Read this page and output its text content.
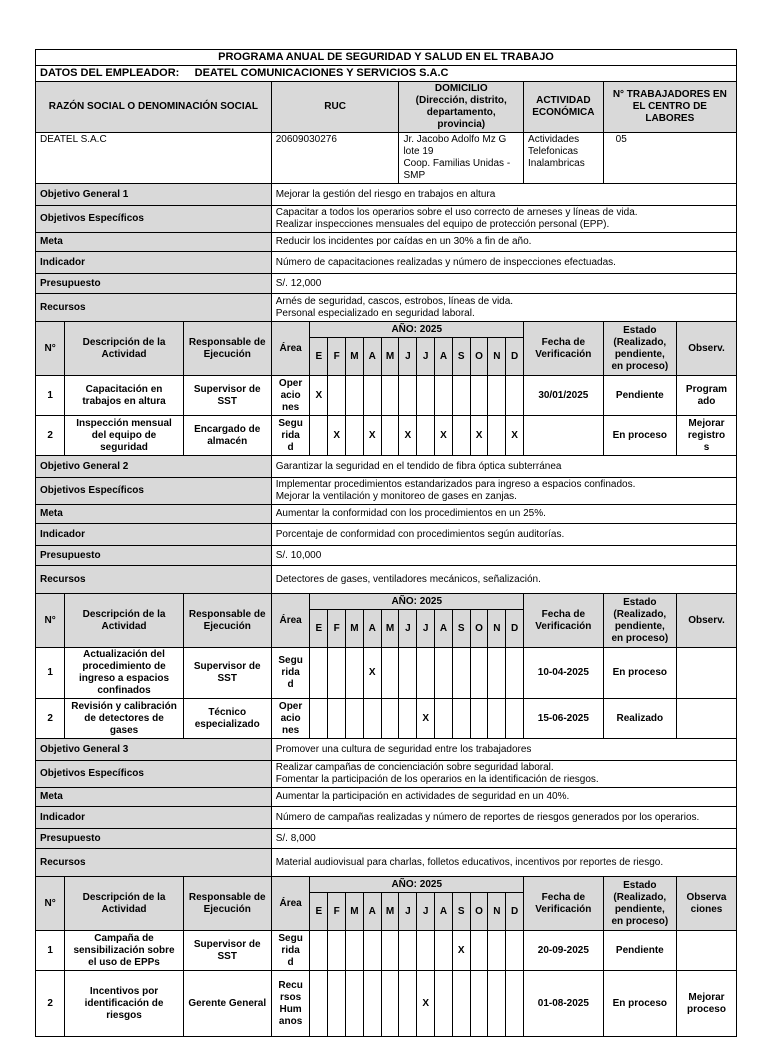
PROGRAMA ANUAL DE SEGURIDAD Y SALUD EN EL TRABAJO																		
DATOS DEL EMPLEADOR: DEATEL COMUNICACIONES Y SERVICIOS S.A.C																		
RAZÓN SOCIAL O DENOMINACIÓN SOCIAL			RUC						DOMICILIO
(Dirección, distrito,
departamento, provincia)							ACTIVIDAD ECONÓMICA	N° TRABAJADORES EN EL CENTRO DE LABORES	
DEATEL S.A.C			20609030276						Jr. Jacobo Adolfo Mz G lote 19
Coop. Familias Unidas - SMP							Actividades
Telefonicas
Inalambricas	05	
Objetivo General 1			Mejorar la gestión del riesgo en trabajos en altura															
Objetivos Específicos			Capacitar a todos los operarios sobre el uso correcto de arneses y líneas de vida.
Realizar inspecciones mensuales del equipo de protección personal (EPP).															
Meta			Reducir los incidentes por caídas en un 30% a fin de año.															
Indicador			Número de capacitaciones realizadas y número de inspecciones efectuadas.															
Presupuesto			S/. 12,000															
Recursos			Arnés de seguridad, cascos, estrobos, líneas de vida.
Personal especializado en seguridad laboral.															
N°	Descripción de la Actividad	Responsable de Ejecución	Área	AÑO: 2025												Fecha de Verificación	Estado
(Realizado,
pendiente,
en proceso)	Observ.
				E	F	M	A	M	J	J	A	S	O	N	D			
1	Capacitación en trabajos en altura	Supervisor de SST	Oper
acio
nes	X												30/01/2025	Pendiente	Program
ado
2	Inspección mensual del equipo de seguridad	Encargado de almacén	Segu
rida
d		X		X		X		X		X		X		En proceso	Mejorar
registro
s
Objetivo General 2			Garantizar la seguridad en el tendido de fibra óptica subterránea															
Objetivos Específicos			Implementar procedimientos estandarizados para ingreso a espacios confinados.
Mejorar la ventilación y monitoreo de gases en zanjas.															
Meta			Aumentar la conformidad con los procedimientos en un 25%.															
Indicador			Porcentaje de conformidad con procedimientos según auditorías.															
Presupuesto			S/. 10,000															
Recursos			Detectores de gases, ventiladores mecánicos, señalización.															
N°	Descripción de la Actividad	Responsable de Ejecución	Área	AÑO: 2025												Fecha de Verificación	Estado
(Realizado,
pendiente,
en proceso)	Observ.
				E	F	M	A	M	J	J	A	S	O	N	D			
1	Actualización del procedimiento de ingreso a espacios confinados	Supervisor de SST	Segu
rida
d				X									10-04-2025	En proceso	
2	Revisión y calibración de detectores de gases	Técnico especializado	Oper
acio
nes							X						15-06-2025	Realizado	
Objetivo General 3			Promover una cultura de seguridad entre los trabajadores															
Objetivos Específicos			Realizar campañas de concienciación sobre seguridad laboral.
Fomentar la participación de los operarios en la identificación de riesgos.															
Meta			Aumentar la participación en actividades de seguridad en un 40%.															
Indicador			Número de campañas realizadas y número de reportes de riesgos generados por los operarios.															
Presupuesto			S/. 8,000															
Recursos			Material audiovisual para charlas, folletos educativos, incentivos por reportes de riesgo.															
N°	Descripción de la Actividad	Responsable de Ejecución	Área	AÑO: 2025												Fecha de Verificación	Estado
(Realizado,
pendiente,
en proceso)	Observa
ciones
				E	F	M	A	M	J	J	A	S	O	N	D			
1	Campaña de sensibilización sobre el uso de EPPs	Supervisor de SST	Segu
rida
d									X				20-09-2025	Pendiente	
2	Incentivos por identificación de riesgos	Gerente General	Recu
rsos
Hum
anos							X						01-08-2025	En proceso	Mejorar
proceso
